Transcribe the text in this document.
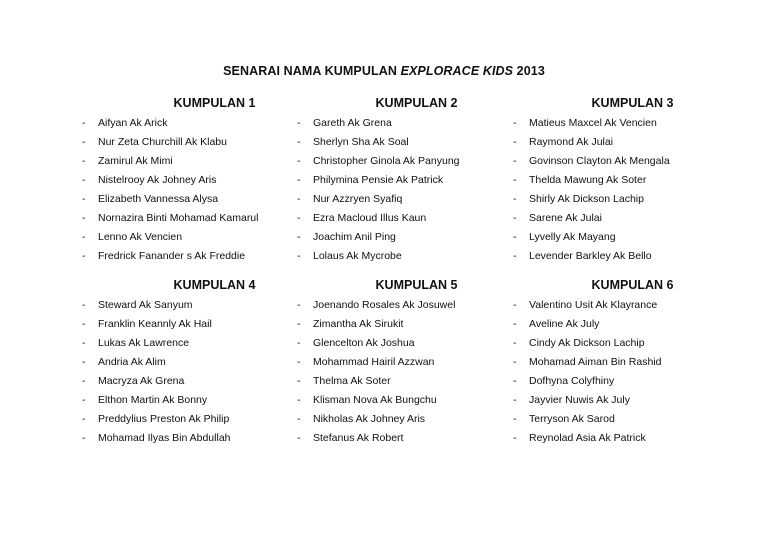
SENARAI NAMA KUMPULAN EXPLORACE KIDS 2013
KUMPULAN 1
- Aifyan Ak Arick
- Nur Zeta Churchill Ak Klabu
- Zamirul Ak Mimi
- Nistelrooy Ak Johney Aris
- Elizabeth Vannessa Alysa
- Nornazira Binti Mohamad Kamarul
- Lenno Ak Vencien
- Fredrick Fanander s Ak Freddie
KUMPULAN 2
- Gareth Ak Grena
- Sherlyn Sha Ak Soal
- Christopher Ginola Ak Panyung
- Philymina Pensie Ak Patrick
- Nur Azzryen Syafiq
- Ezra Macloud Illus Kaun
- Joachim Anil Ping
- Lolaus Ak Mycrobe
KUMPULAN 3
- Matieus Maxcel Ak Vencien
- Raymond Ak Julai
- Govinson Clayton Ak Mengala
- Thelda Mawung Ak Soter
- Shirly Ak Dickson Lachip
- Sarene Ak Julai
- Lyvelly Ak Mayang
- Levender Barkley Ak Bello
KUMPULAN 4
- Steward Ak Sanyum
- Franklin Keannly Ak Hail
- Lukas Ak Lawrence
- Andria Ak Alim
- Macryza Ak Grena
- Elthon Martin Ak Bonny
- Preddylius Preston Ak Philip
- Mohamad Ilyas Bin Abdullah
KUMPULAN 5
- Joenando Rosales Ak Josuwel
- Zimantha Ak Sirukit
- Glencelton Ak Joshua
- Mohammad Hairil Azzwan
- Thelma Ak Soter
- Klisman Nova Ak Bungchu
- Nikholas Ak Johney Aris
- Stefanus Ak Robert
KUMPULAN 6
- Valentino Usit Ak Klayrance
- Aveline Ak July
- Cindy Ak Dickson Lachip
- Mohamad Aiman Bin Rashid
- Dofhyna Colyfhiny
- Jayvier Nuwis Ak July
- Terryson Ak Sarod
- Reynolad Asia Ak Patrick
